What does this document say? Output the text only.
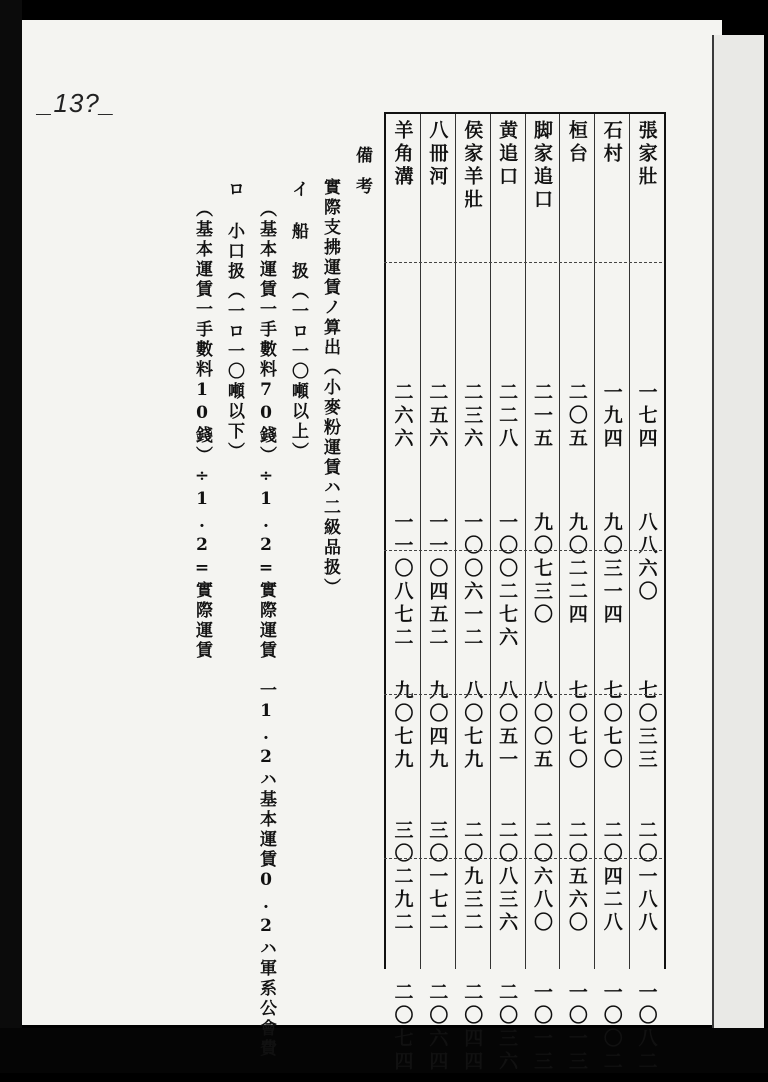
_13?_
張家壯
一七四
八八六〇
七〇三三
二〇一八八
一〇八二
石村
一九四
九〇三一四
七〇七〇
二〇四二八
一〇〇二
桓台
二〇五
九〇二二四
七〇七〇
二〇五六〇
一〇一三
脚家追口
二一五
九〇七三〇
八〇〇五
二〇六八〇
一〇一三
黄追口
二二八
一〇〇二七六
八〇五一
二〇八三六
二〇三六
侯家羊壯
二三六
一〇〇六一二
八〇七九
二〇九三二
二〇四四
八冊河
二五六
一一〇四五二
九〇四九
三〇一七二
二〇六四
羊角溝
二六六
一一〇八七二
九〇七九
三〇二九二
二〇七四
備考
實際支拂運賃ノ算出（小麥粉運賃ハ二級品扱）
イ
船　扱（一ロ一〇噸以上）
（基本運賃一手數料70錢）÷1.2=實際運賃　一1.2ハ基本運賃0.2ハ軍系公會費
ロ
小口扱（一ロ一〇噸以下）
（基本運賃一手數料10錢）÷1.2=實際運賃
